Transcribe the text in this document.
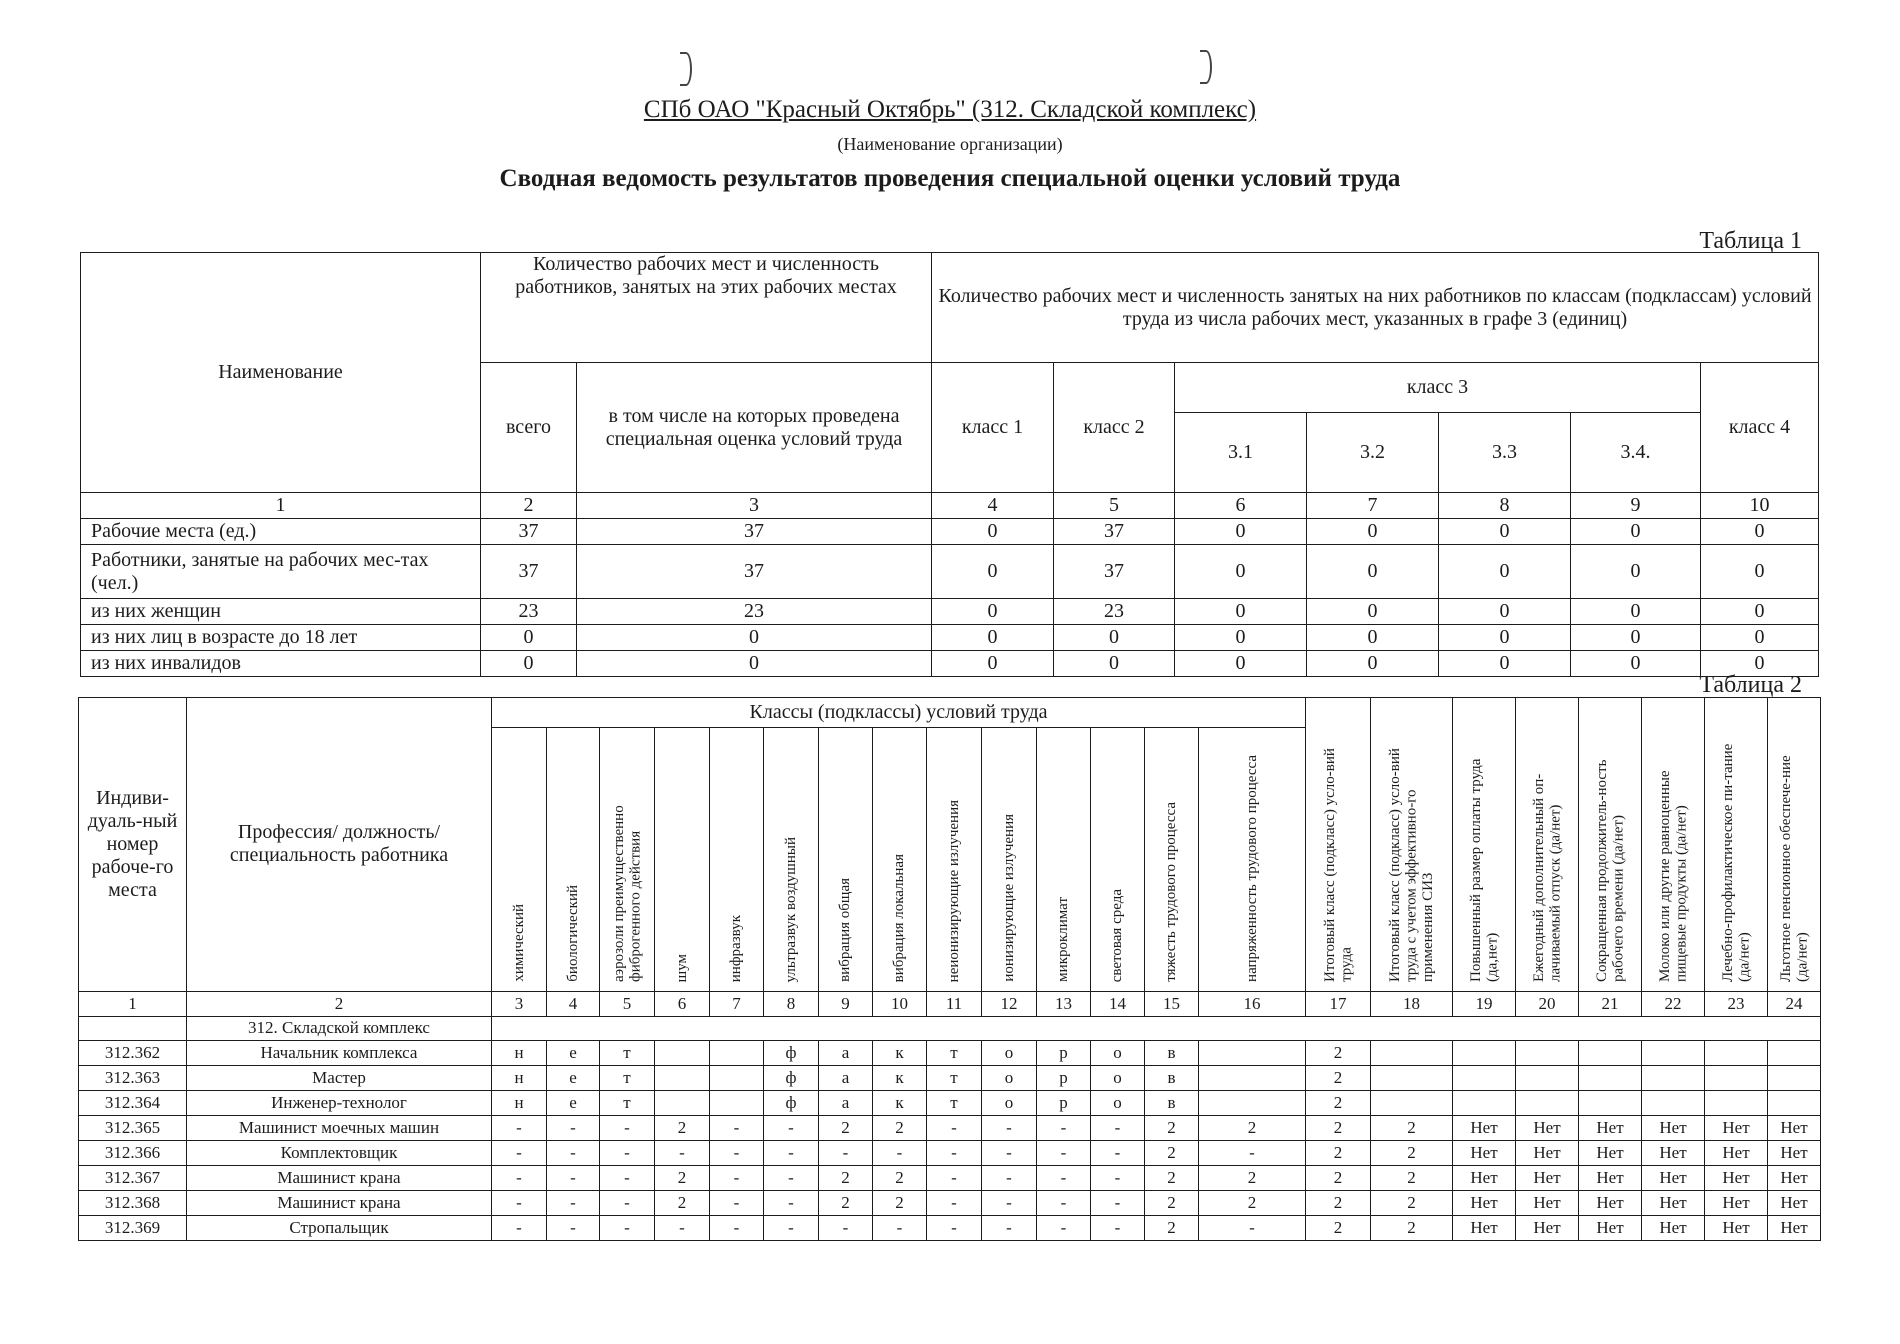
СПб ОАО "Красный Октябрь" (312. Складской комплекс)
(Наименование организации)
Сводная ведомость результатов проведения специальной оценки условий труда
Таблица 1
Наименование	Количество рабочих мест и численность работников, занятых на этих рабочих местах		Количество рабочих мест и численность занятых на них работников по классам (подклассам) условий труда из числа рабочих мест, указанных в графе 3 (единиц)						
	всего	в том числе на которых проведена специальная оценка условий труда	класс 1	класс 2	класс 3				класс 4
					3.1	3.2	3.3	3.4.	
1	2	3	4	5	6	7	8	9	10
Рабочие места (ед.)	37	37	0	37	0	0	0	0	0
Работники, занятые на рабочих мес-тах (чел.)	37	37	0	37	0	0	0	0	0
из них женщин	23	23	0	23	0	0	0	0	0
из них лиц в возрасте до 18 лет	0	0	0	0	0	0	0	0	0
из них инвалидов	0	0	0	0	0	0	0	0	0
Таблица 2
Индиви-дуаль-ный номер рабоче-го места	Профессия/ должность/ специальность работника	Классы (подклассы) условий труда														Итоговый класс (подкласс) усло-вий труда	Итоговый класс (подкласс) усло-вий труда с учетом эффективно-го применения СИЗ	Повышенный размер оплаты труда (да,нет)	Ежегодный дополнительный оп-лачиваемый отпуск (да/нет)	Сокращенная продолжитель-ность рабочего времени (да/нет)	Молоко или другие равноценные пищевые продукты (да/нет)	Лечебно-профилактическое пи-тание (да/нет)	Льготное пенсионное обеспече-ние (да/нет)
		химический	биологический	аэрозоли преимущественно фиброгенного действия	шум	инфразвук	ультразвук воздушный	вибрация общая	вибрация локальная	неионизирующие излучения	ионизирующие излучения	микроклимат	световая среда	тяжесть трудового процесса	напряженность трудового процесса								
1	2	3	4	5	6	7	8	9	10	11	12	13	14	15	16	17	18	19	20	21	22	23	24
	312. Складской комплекс																						
312.362	Начальник комплекса	н	е	т			ф	а	к	т	о	р	о	в		2							
312.363	Мастер	н	е	т			ф	а	к	т	о	р	о	в		2							
312.364	Инженер-технолог	н	е	т			ф	а	к	т	о	р	о	в		2							
312.365	Машинист моечных машин	-	-	-	2	-	-	2	2	-	-	-	-	2	2	2	2	Нет	Нет	Нет	Нет	Нет	Нет
312.366	Комплектовщик	-	-	-	-	-	-	-	-	-	-	-	-	2	-	2	2	Нет	Нет	Нет	Нет	Нет	Нет
312.367	Машинист крана	-	-	-	2	-	-	2	2	-	-	-	-	2	2	2	2	Нет	Нет	Нет	Нет	Нет	Нет
312.368	Машинист крана	-	-	-	2	-	-	2	2	-	-	-	-	2	2	2	2	Нет	Нет	Нет	Нет	Нет	Нет
312.369	Стропальщик	-	-	-	-	-	-	-	-	-	-	-	-	2	-	2	2	Нет	Нет	Нет	Нет	Нет	Нет
